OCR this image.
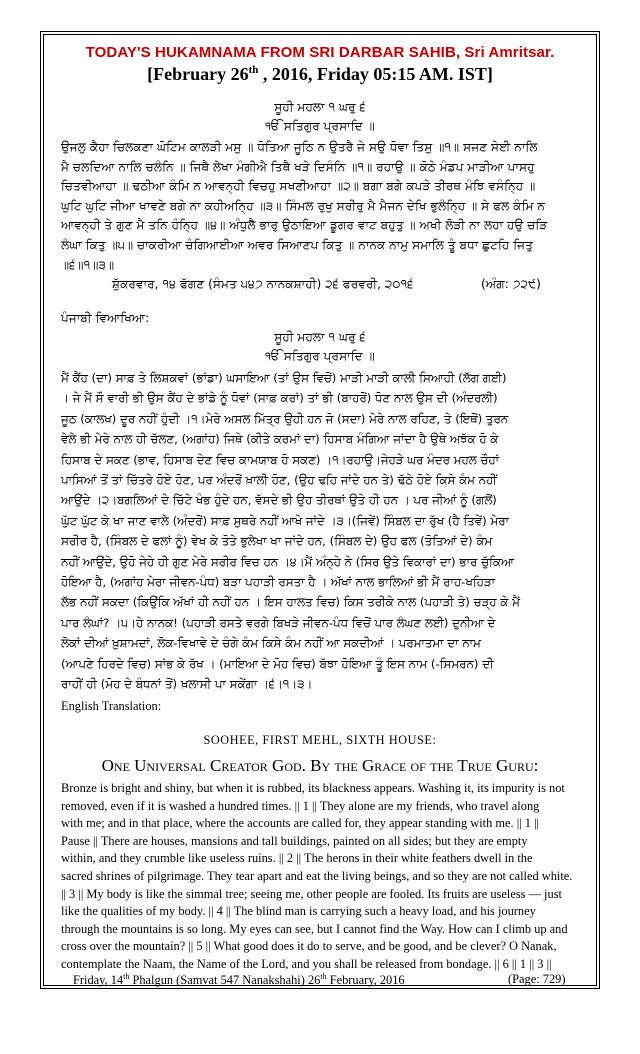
TODAY'S HUKAMNAMA FROM SRI DARBAR SAHIB, Sri Amritsar.
[February 26th , 2016, Friday 05:15 AM. IST]
ਸੂਹੀ ਮਹਲਾ ੧ ਘਰੁ ੬
ੴ ਸਤਿਗੁਰ ਪ੍ਰਸਾਦਿ ॥
ਉਜਲੁ ਕੈਹਾ ਚਿਲਕਣਾ ਘੋਟਿਮ ਕਾਲੜੀ ਮਸੁ ॥ ਧੋਤਿਆ ਜੂਠਿ ਨ ਉਤਰੈ ਜੇ ਸਉ ਧੋਵਾ ਤਿਸੁ ॥੧॥ ਸਜਣ ਸੇਈ ਨਾਲਿ
ਮੈ ਚਲਦਿਆ ਨਾਲਿ ਚਲੰਨਿ ॥ ਜਿਥੈ ਲੇਖਾ ਮੰਗੀਐ ਤਿਥੈ ਖੜੇ ਦਿਸੰਨਿ ॥੧॥ ਰਹਾਉ ॥ ਕੋਠੇ ਮੰਡਪ ਮਾੜੀਆ ਪਾਸਹੁ
ਚਿਤਵੀਆਹਾ ॥ ਢਠੀਆ ਕੰਮਿ ਨ ਆਵਨ੍ਹੀ ਵਿਚਹੁ ਸਖਣੀਆਹਾ ॥੨॥ ਬਗਾ ਬਗੇ ਕਪੜੇ ਤੀਰਥ ਮੰਝਿ ਵਸੰਨ੍ਹਿ ॥
ਘੁਟਿ ਘੁਟਿ ਜੀਆ ਖਾਵਣੇ ਬਗੇ ਨਾ ਕਹੀਅਨ੍ਹਿ ॥੩॥ ਸਿੰਮਲ ਰੁਖੁ ਸਰੀਰੁ ਮੈ ਮੈਜਨ ਦੇਖਿ ਭੁਲੰਨ੍ਹਿ ॥ ਸੇ ਫਲ ਕੰਮਿ ਨ
ਆਵਨ੍ਹੀ ਤੇ ਗੁਣ ਮੈ ਤਨਿ ਹੰਨ੍ਹਿ ॥੪॥ ਅੰਧੁਲੈ ਭਾਰੁ ਉਠਾਇਆ ਡੂਗਰ ਵਾਟ ਬਹੁਤੁ ॥ ਅਖੀ ਲੋੜੀ ਨਾ ਲਹਾ ਹਉ ਚੜਿ
ਲੰਘਾ ਕਿਤੁ ॥੫॥ ਚਾਕਰੀਆ ਚੰਗਿਆਈਆ ਅਵਰ ਸਿਆਣਪ ਕਿਤੁ ॥ ਨਾਨਕ ਨਾਮੁ ਸਮਾਲਿ ਤੂੰ ਬਧਾ ਛੁਟਹਿ ਜਿਤੁ
॥੬॥੧॥੩॥
ਸ਼ੁੱਕਰਵਾਰ, ੧੪ ਫੱਗਣ (ਸੰਮਤ ੫੪੭ ਨਾਨਕਸ਼ਾਹੀ) ੨੬ ਫਰਵਰੀ, ੨੦੧੬	(ਅੰਗ: ੭੨੯)
ਪੰਜਾਬੀ ਵਿਆਖਿਆ:
ਸੂਹੀ ਮਹਲਾ ੧ ਘਰੁ ੬
ੴ ਸਤਿਗੁਰ ਪ੍ਰਸਾਦਿ ॥
ਮੈਂ ਕੈਂਹ (ਦਾ) ਸਾਫ਼ ਤੇ ਲਿਸ਼ਕਵਾਂ (ਭਾਂਡਾ) ਘਸਾਇਆ (ਤਾਂ ਉਸ ਵਿਚੋਂ) ਮਾੜੀ ਮਾੜੀ ਕਾਲੀ ਸਿਆਹੀ (ਲੱਗ ਗਈ)
। ਜੇ ਮੈਂ ਸੌ ਵਾਰੀ ਭੀ ਉਸ ਕੈਂਹ ਦੇ ਭਾਂਡੇ ਨੂੰ ਧੋਵਾਂ (ਸਾਫ਼ ਕਰਾਂ) ਤਾਂ ਭੀ (ਬਾਹਰੋਂ) ਧੋਣ ਨਾਲ ਉਸ ਦੀ (ਅੰਦਰਲੀ)
ਜੂਠ (ਕਾਲਖ) ਦੂਰ ਨਹੀਂ ਹੁੰਦੀ ।੧।ਮੇਰੇ ਅਸਲ ਮਿੱਤ੍ਰ ਉਹੀ ਹਨ ਜੋ (ਸਦਾ) ਮੇਰੇ ਨਾਲ ਰਹਿਣ, ਤੇ (ਇਥੋਂ) ਤੁਰਨ
ਵੇਲੇ ਭੀ ਮੇਰੇ ਨਾਲ ਹੀ ਚੱਲਣ, (ਅਗਾਂਹ) ਜਿਥੇ (ਕੀਤੇ ਕਰਮਾਂ ਦਾ) ਹਿਸਾਬ ਮੰਗਿਆ ਜਾਂਦਾ ਹੈ ਉਥੇ ਅਝੱਕ ਹੋ ਕੇ
ਹਿਸਾਬ ਦੇ ਸਕਣ (ਭਾਵ, ਹਿਸਾਬ ਦੇਣ ਵਿਚ ਕਾਮਯਾਬ ਹੋ ਸਕਣ) ।੧।ਰਹਾਉ।ਜੇਹੜੇ ਘਰ ਮੰਦਰ ਮਹਲ ਚੌਹਾਂ
ਪਾਸਿਆਂ ਤੋਂ ਤਾਂ ਚਿੱਤਰੇ ਹੋਏ ਹੋਣ, ਪਰ ਅੰਦਰੋਂ ਖ਼ਾਲੀ ਹੋਣ, (ਉਹ ਢਹਿ ਜਾਂਦੇ ਹਨ ਤੇ) ਢੱਠੇ ਹੋਏ ਕਿਸੇ ਕੰਮ ਨਹੀਂ
ਆਉਂਦੇ ।੨।ਬਗਲਿਆਂ ਦੇ ਚਿੱਟੇ ਖੰਭ ਹੁੰਦੇ ਹਨ, ਵੱਸਦੇ ਭੀ ਉਹ ਤੀਰਥਾਂ ਉਤੇ ਹੀ ਹਨ । ਪਰ ਜੀਆਂ ਨੂੰ (ਗਲੋਂ)
ਘੁੱਟ ਘੁੱਟ ਕੇ ਖਾ ਜਾਣ ਵਾਲੇ (ਅੰਦਰੋਂ) ਸਾਫ਼ ਸੁਥਰੇ ਨਹੀਂ ਆਖੇ ਜਾਂਦੇ ।੩।(ਜਿਵੇਂ) ਸਿੰਬਲ ਦਾ ਰੁੱਖ (ਹੈ ਤਿਵੇਂ) ਮੇਰਾ
ਸਰੀਰ ਹੈ, (ਸਿੰਬਲ ਦੇ ਫਲਾਂ ਨੂੰ) ਵੇਖ ਕੇ ਤੋਤੇ ਭੁਲੇਖਾ ਖਾ ਜਾਂਦੇ ਹਨ, (ਸਿੰਬਲ ਦੇ) ਉਹ ਫਲ (ਤੋਤਿਆਂ ਦੇ) ਕੰਮ
ਨਹੀਂ ਆਉਂਦੇ, ਉਹੋ ਜੇਹੇ ਹੀ ਗੁਣ ਮੇਰੇ ਸਰੀਰ ਵਿਚ ਹਨ ।੪।ਮੈਂ ਅੰਨ੍ਹੇ ਨੇ (ਸਿਰ ਉਤੇ ਵਿਕਾਰਾਂ ਦਾ) ਭਾਰ ਚੁੱਕਿਆ
ਹੋਇਆ ਹੈ, (ਅਗਾਂਹ ਮੇਰਾ ਜੀਵਨ-ਪੰਧ) ਬੜਾ ਪਹਾੜੀ ਰਸਤਾ ਹੈ । ਅੱਖਾਂ ਨਾਲ ਭਾਲਿਆਂ ਭੀ ਮੈਂ ਰਾਹ-ਖਹਿੜਾ
ਲੱਭ ਨਹੀਂ ਸਕਦਾ (ਕਿਉਂਕਿ ਅੱਖਾਂ ਹੀ ਨਹੀਂ ਹਨ । ਇਸ ਹਾਲਤ ਵਿਚ) ਕਿਸ ਤਰੀਕੇ ਨਾਲ (ਪਹਾੜੀ ਤੇ) ਚੜ੍ਹ ਕੇ ਮੈਂ
ਪਾਰ ਲੰਘਾਂ? ।੫।ਹੇ ਨਾਨਕ! (ਪਹਾੜੀ ਰਸਤੇ ਵਰਗੇ ਬਿਖੜੇ ਜੀਵਨ-ਪੰਧ ਵਿਚੋਂ ਪਾਰ ਲੰਘਣ ਲਈ) ਦੁਨੀਆ ਦੇ
ਲੋਕਾਂ ਦੀਆਂ ਖ਼ੁਸ਼ਾਮਦਾਂ, ਲੋਕ-ਵਿਖਾਵੇ ਦੇ ਚੰਗੇ ਕੰਮ ਕਿਸੇ ਕੰਮ ਨਹੀਂ ਆ ਸਕਦੀਆਂ । ਪਰਮਾਤਮਾ ਦਾ ਨਾਮ
(ਆਪਣੇ ਹਿਰਦੇ ਵਿਚ) ਸਾਂਭ ਕੇ ਰੱਖ । (ਮਾਇਆ ਦੇ ਮੋਹ ਵਿਚ) ਬੱਝਾ ਹੋਇਆ ਤੂੰ ਇਸ ਨਾਮ (-ਸਿਮਰਨ) ਦੀ
ਰਾਹੀਂ ਹੀ (ਮੋਹ ਦੇ ਬੰਧਨਾਂ ਤੋਂ) ਖ਼ਲਾਸੀ ਪਾ ਸਕੇਂਗਾ ।੬।੧।੩।
English Translation:
SOOHEE, FIRST MEHL, SIXTH HOUSE:
One Universal Creator God. By the Grace of the True Guru:
Bronze is bright and shiny, but when it is rubbed, its blackness appears. Washing it, its impurity is not
removed, even if it is washed a hundred times. || 1 || They alone are my friends, who travel along
with me; and in that place, where the accounts are called for, they appear standing with me. || 1 ||
Pause || There are houses, mansions and tall buildings, painted on all sides; but they are empty
within, and they crumble like useless ruins. || 2 || The herons in their white feathers dwell in the
sacred shrines of pilgrimage. They tear apart and eat the living beings, and so they are not called white.
|| 3 || My body is like the simmal tree; seeing me, other people are fooled. Its fruits are useless — just
like the qualities of my body. || 4 || The blind man is carrying such a heavy load, and his journey
through the mountains is so long. My eyes can see, but I cannot find the Way. How can I climb up and
cross over the mountain? || 5 || What good does it do to serve, and be good, and be clever? O Nanak,
contemplate the Naam, the Name of the Lord, and you shall be released from bondage. || 6 || 1 || 3 ||
Friday, 14th Phalgun (Samvat 547 Nanakshahi) 26th February, 2016	(Page: 729)
